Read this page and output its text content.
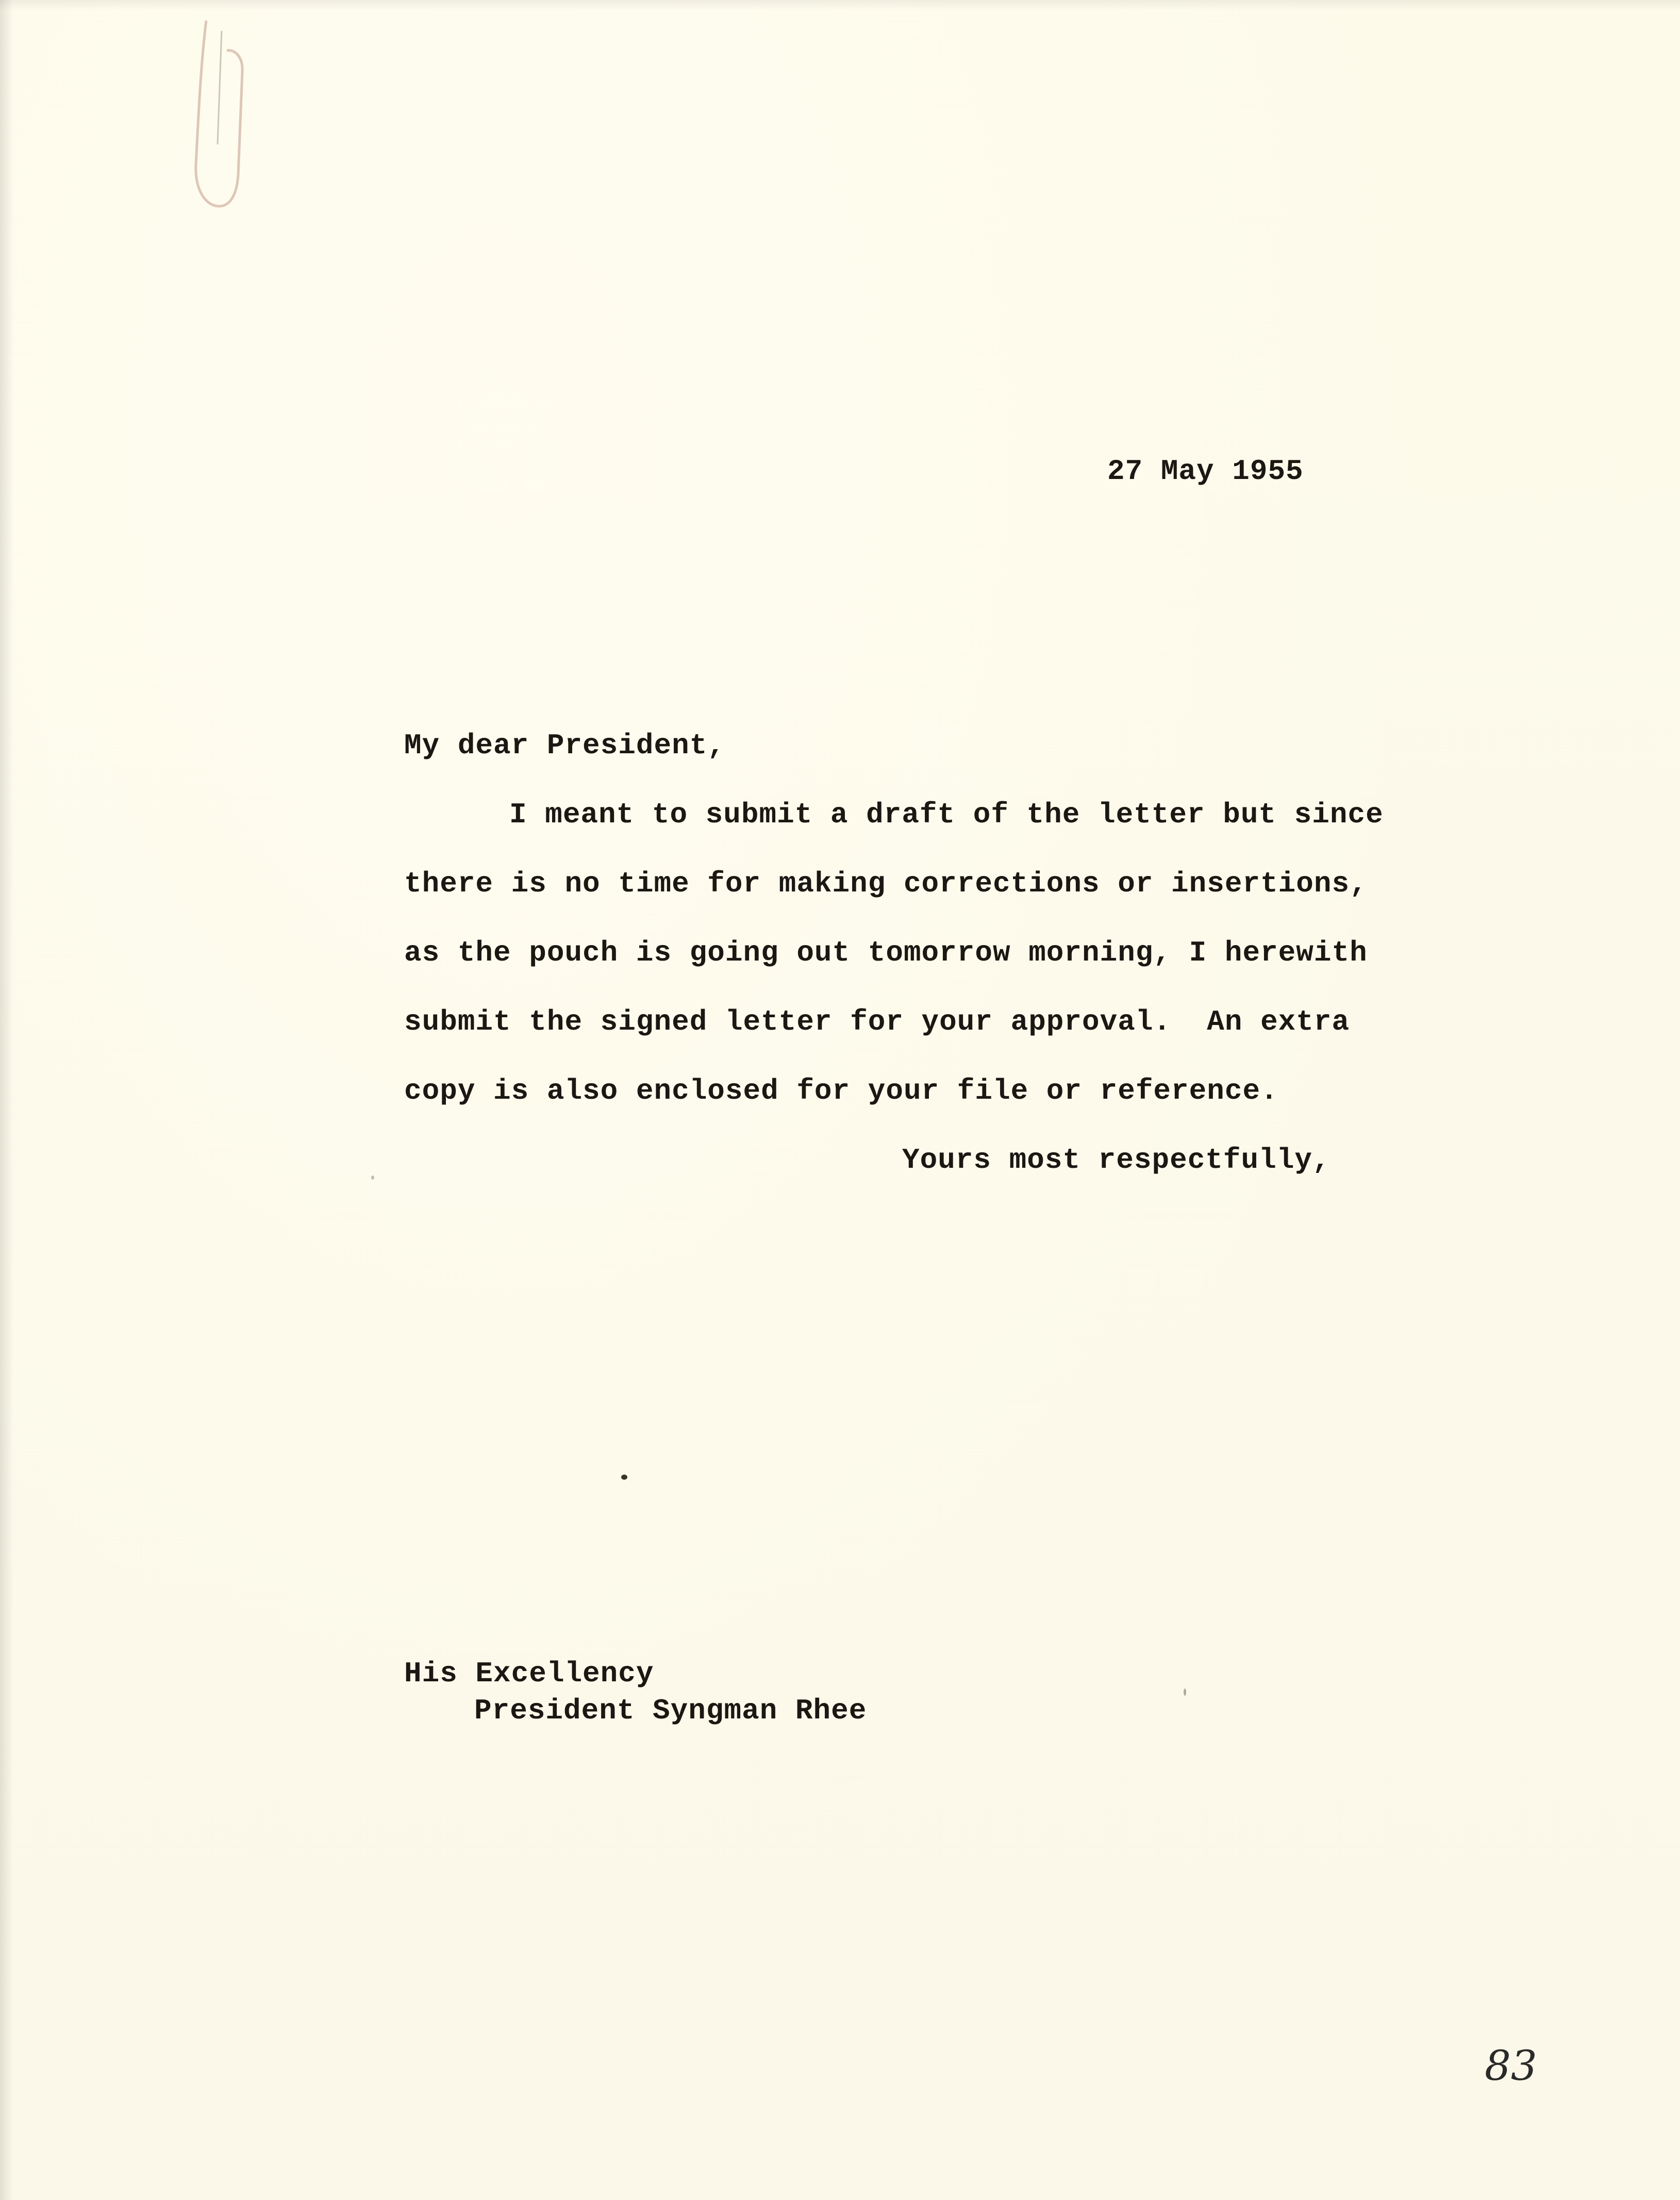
27 May 1955
My dear President,
I meant to submit a draft of the letter but since
there is no time for making corrections or insertions,
as the pouch is going out tomorrow morning, I herewith
submit the signed letter for your approval.  An extra
copy is also enclosed for your file or reference.
Yours most respectfully,
His Excellency
President Syngman Rhee
83
